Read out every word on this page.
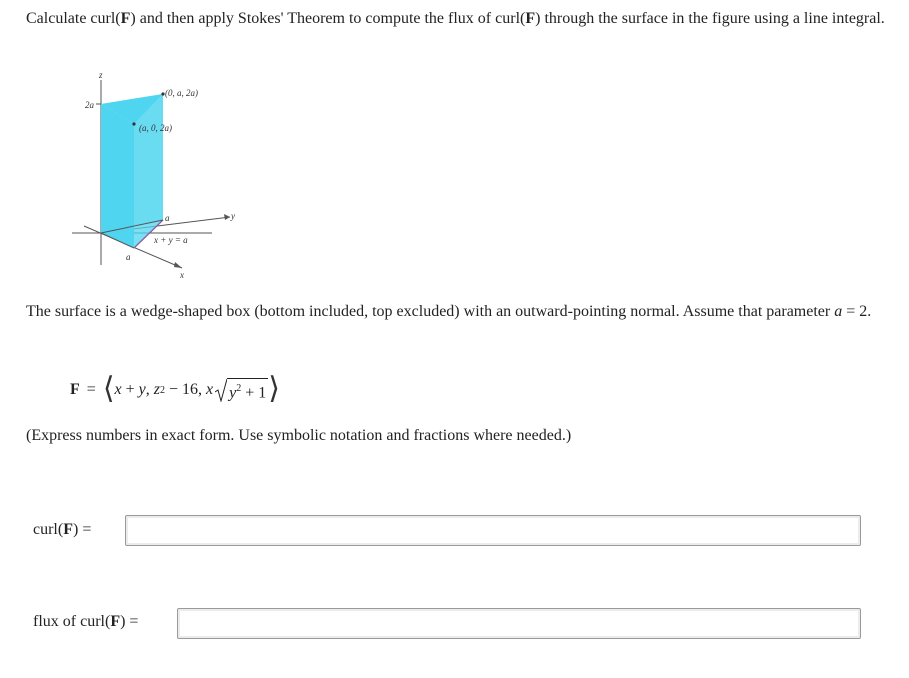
Calculate curl(F) and then apply Stokes' Theorem to compute the flux of curl(F) through the surface in the figure using a line integral.
z
2a
(0, a, 2a)
(a, 0, 2a)
a	y
x + y = a
a
x
The surface is a wedge-shaped box (bottom included, top excluded) with an outward-pointing normal. Assume that parameter a = 2.
F = ⟨ x + y , z 2 − 16, x $y^2 + 1$ ⟩
(Express numbers in exact form. Use symbolic notation and fractions where needed.)
curl(F) =
flux of curl(F) =
